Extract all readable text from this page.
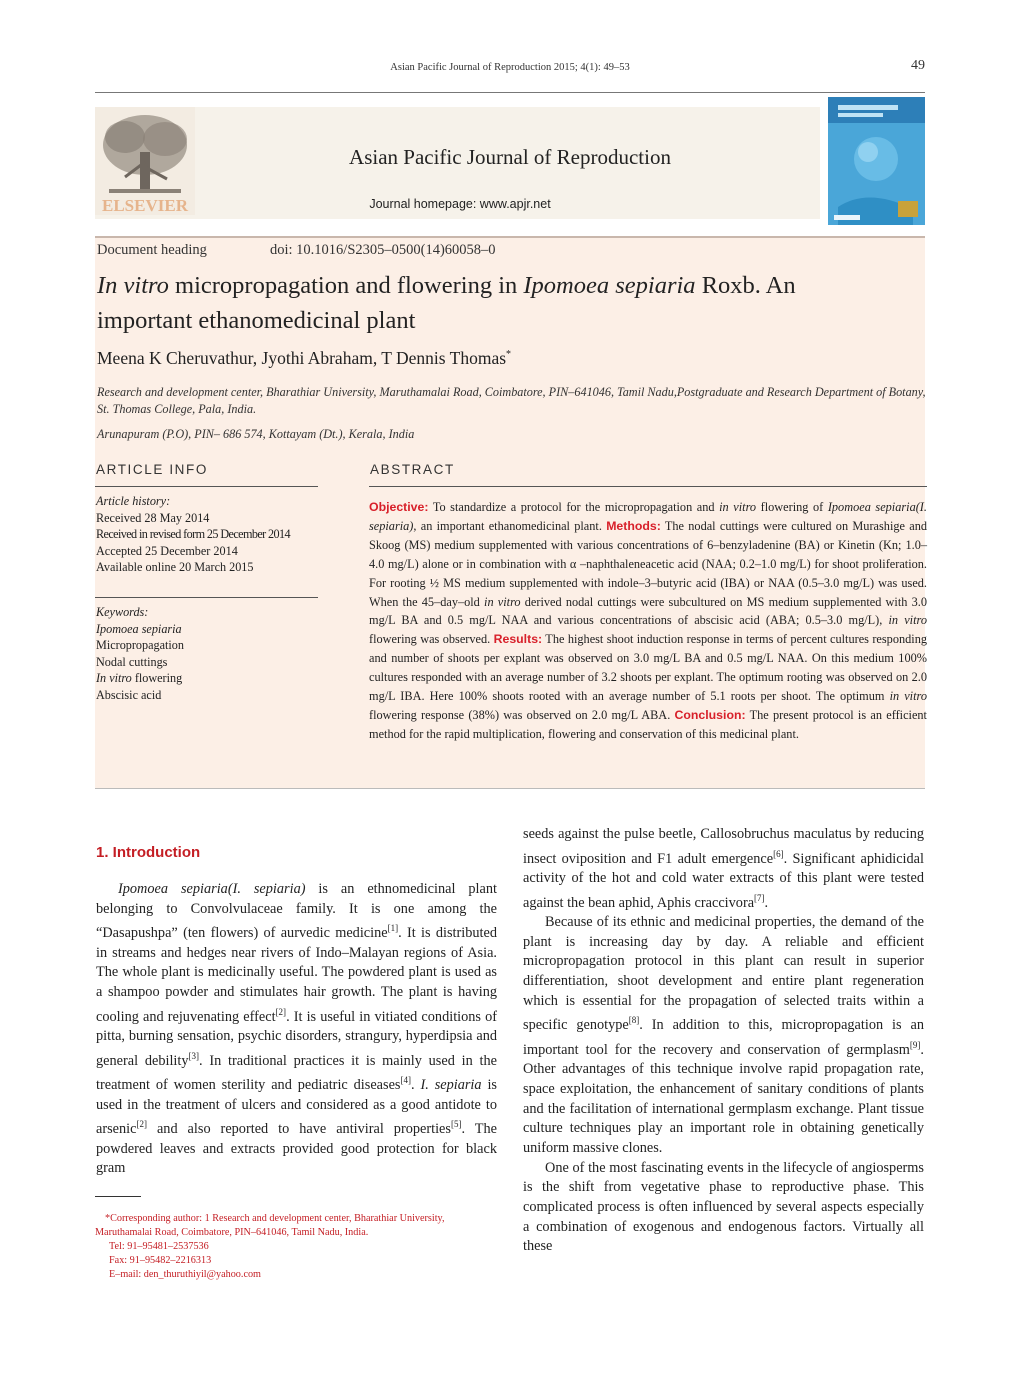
Asian Pacific Journal of Reproduction 2015; 4(1): 49–53	49
ELSEVIER
Asian Pacific Journal of Reproduction
Journal homepage: www.apjr.net
Document heading	doi: 10.1016/S2305–0500(14)60058–0
In vitro micropropagation and flowering in Ipomoea sepiaria Roxb. An
important ethanomedicinal plant
Meena K Cheruvathur, Jyothi Abraham, T Dennis Thomas*
Research and development center, Bharathiar University, Maruthamalai Road, Coimbatore, PIN–641046, Tamil Nadu,Postgraduate and Research Department of Botany, St. Thomas College, Pala, India.
Arunapuram (P.O), PIN– 686 574, Kottayam (Dt.), Kerala, India
ARTICLE INFO
Article history:
Received 28 May 2014
Received in revised form 25 December 2014
Accepted 25 December 2014
Available online 20 March 2015
Keywords:
Ipomoea sepiaria
Micropropagation
Nodal cuttings
In vitro flowering
Abscisic acid
ABSTRACT
Objective: To standardize a protocol for the micropropagation and in vitro flowering of Ipomoea sepiaria(I. sepiaria), an important ethanomedicinal plant. Methods: The nodal cuttings were cultured on Murashige and Skoog (MS) medium supplemented with various concentrations of 6–benzyladenine (BA) or Kinetin (Kn; 1.0–4.0 mg/L) alone or in combination with α –naphthaleneacetic acid (NAA; 0.2–1.0 mg/L) for shoot proliferation. For rooting ½ MS medium supplemented with indole–3–butyric acid (IBA) or NAA (0.5–3.0 mg/L) was used. When the 45–day–old in vitro derived nodal cuttings were subcultured on MS medium supplemented with 3.0 mg/L BA and 0.5 mg/L NAA and various concentrations of abscisic acid (ABA; 0.5–3.0 mg/L), in vitro flowering was observed. Results: The highest shoot induction response in terms of percent cultures responding and number of shoots per explant was observed on 3.0 mg/L BA and 0.5 mg/L NAA. On this medium 100% cultures responded with an average number of 3.2 shoots per explant. The optimum rooting was observed on 2.0 mg/L IBA. Here 100% shoots rooted with an average number of 5.1 roots per shoot. The optimum in vitro flowering response (38%) was observed on 2.0 mg/L ABA. Conclusion: The present protocol is an efficient method for the rapid multiplication, flowering and conservation of this medicinal plant.
1. Introduction

Ipomoea sepiaria(I. sepiaria) is an ethnomedicinal plant belonging to Convolvulaceae family. It is one among the “Dasapushpa” (ten flowers) of aurvedic medicine[1]. It is distributed in streams and hedges near rivers of Indo–Malayan regions of Asia. The whole plant is medicinally useful. The powdered plant is used as a shampoo powder and stimulates hair growth. The plant is having cooling and rejuvenating effect[2]. It is useful in vitiated conditions of pitta, burning sensation, psychic disorders, strangury, hyperdipsia and general debility[3]. In traditional practices it is mainly used in the treatment of women sterility and pediatric diseases[4]. I. sepiaria is used in the treatment of ulcers and considered as a good antidote to arsenic[2] and also reported to have antiviral properties[5]. The powdered leaves and extracts provided good protection for black gram

seeds against the pulse beetle, Callosobruchus maculatus by reducing insect oviposition and F1 adult emergence[6]. Significant aphidicidal activity of the hot and cold water extracts of this plant were tested against the bean aphid, Aphis craccivora[7].

Because of its ethnic and medicinal properties, the demand of the plant is increasing day by day. A reliable and efficient micropropagation protocol in this plant can result in superior differentiation, shoot development and entire plant regeneration which is essential for the propagation of selected traits within a specific genotype[8]. In addition to this, micropropagation is an important tool for the recovery and conservation of germplasm[9]. Other advantages of this technique involve rapid propagation rate, space exploitation, the enhancement of sanitary conditions of plants and the facilitation of international germplasm exchange. Plant tissue culture techniques play an important role in obtaining genetically uniform massive clones.

One of the most fascinating events in the lifecycle of angiosperms is the shift from vegetative phase to reproductive phase. This complicated process is often influenced by several aspects especially a combination of exogenous and endogenous factors. Virtually all these

*Corresponding author: 1 Research and development center, Bharathiar University, Maruthamalai Road, Coimbatore, PIN–641046, Tamil Nadu, India.
Tel: 91–95481–2537536
Fax: 91–95482–2216313
E–mail: den_thuruthiyil@yahoo.com
